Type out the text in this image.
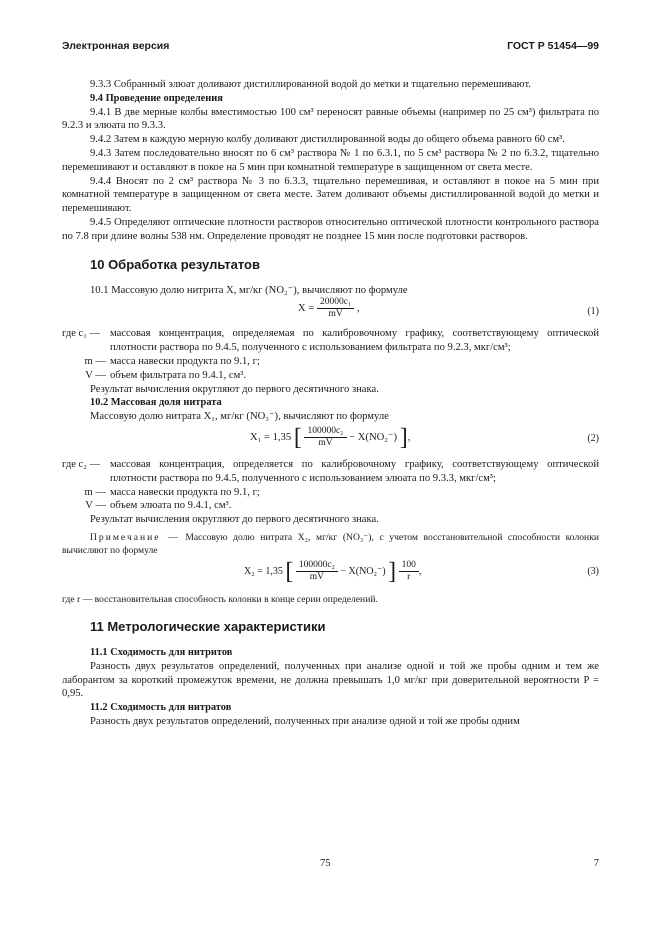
Электронная версия	ГОСТ Р 51454—99

9.3.3 Собранный элюат доливают дистиллированной водой до метки и тщательно перемешивают.

9.4 Проведение определения

9.4.1 В две мерные колбы вместимостью 100 см³ переносят равные объемы (например по 25 см³) фильтрата по 9.2.3 и элюата по 9.3.3.

9.4.2 Затем в каждую мерную колбу доливают дистиллированной воды до общего объема равного 60 см³.

9.4.3 Затем последовательно вносят по 6 см³ раствора № 1 по 6.3.1, по 5 см³ раствора № 2 по 6.3.2, тщательно перемешивают и оставляют в покое на 5 мин при комнатной температуре в защищенном от света месте.

9.4.4 Вносят по 2 см³ раствора № 3 по 6.3.3, тщательно перемешивая, и оставляют в покое на 5 мин при комнатной температуре в защищенном от света месте. Затем доливают объемы дистиллированной водой до метки и перемешивают.

9.4.5 Определяют оптические плотности растворов относительно оптической плотности контрольного раствора по 7.8 при длине волны 538 нм. Определение проводят не позднее 15 мин после подготовки растворов.

10 Обработка результатов

10.1 Массовую долю нитрита X, мг/кг (NO₂⁻), вычисляют по формуле

$X = \frac{\text{20000c₁}}{mV}$ ,	(1)
где c₁ — массовая концентрация, определяемая по калибровочному графику, соответствующему оптической плотности раствора по 9.4.5, полученного с использованием фильтрата по 9.2.3, мкг/см³;
m — масса навески продукта по 9.1, г;
V — объем фильтрата по 9.4.1, см³.

Результат вычисления округляют до первого десятичного знака.

10.2 Массовая доля нитрата

Массовую долю нитрата X₁, мг/кг (NO₃⁻), вычисляют по формуле

X₁ = 1,35 [ $\frac{\text{100000c₂}}{mV} - X(NO_2^-)$ ],	(2)
где c₂ — массовая концентрация, определяется по калибровочному графику, соответствующему оптической плотности раствора по 9.4.5, полученного с использованием элюата по 9.3.3, мкг/см³;
m — масса навески продукта по 9.1, г;
V — объем элюата по 9.4.1, см³.

Результат вычисления округляют до первого десятичного знака.

Примечание — Массовую долю нитрата X₂, мг/кг (NO₃⁻), с учетом восстановительной способности колонки вычисляют по формуле

X₂ = 1,35 [ $\frac{\text{100000c₂}}{mV} - X(NO_2^-)$ ] $\frac{100}{r}$ ,	(3)

где r — восстановительная способность колонки в конце серии определений.

11 Метрологические характеристики
11.1 Сходимость для нитритов

Разность двух результатов определений, полученных при анализе одной и той же пробы одним и тем же лаборантом за короткий промежуток времени, не должна превышать 1,0 мг/кг при доверительной вероятности P = 0,95.

11.2 Сходимость для нитратов

Разность двух результатов определений, полученных при анализе одной и той же пробы одним

75	7
